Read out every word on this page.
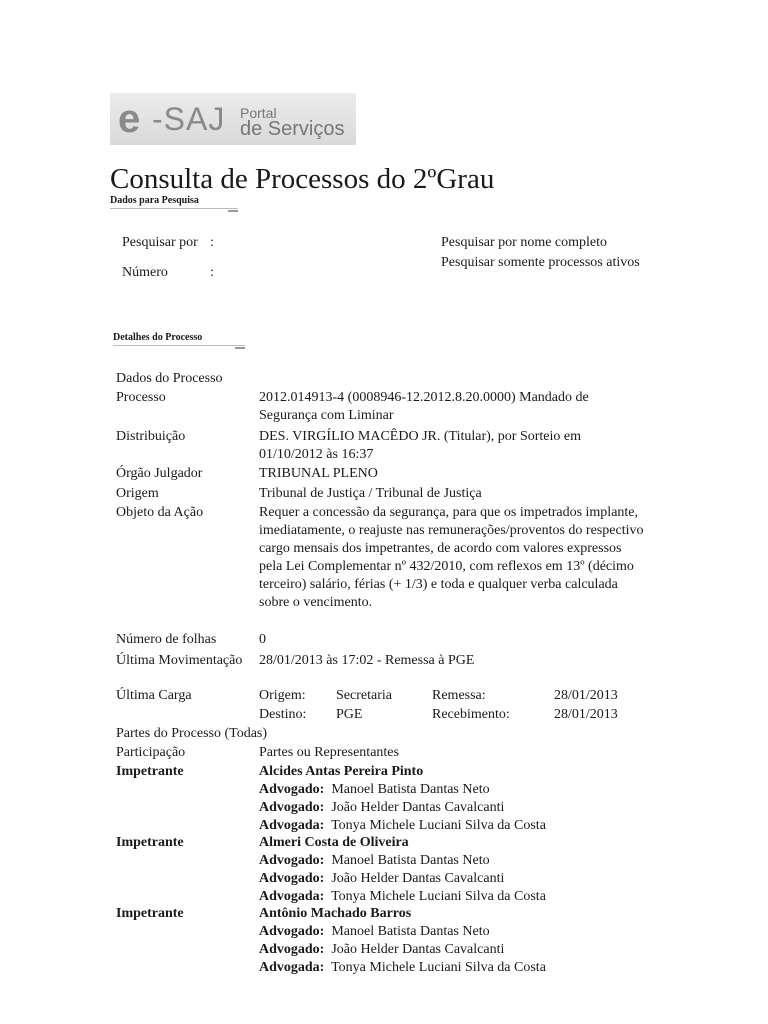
e -SAJ Portal
de Serviços
Consulta de Processos do 2ºGrau
Dados para Pesquisa
Pesquisar por :
Número	:
Pesquisar por nome completo
Pesquisar somente processos ativos
Detalhes do Processo
Dados do Processo
Processo	2012.014913-4 (0008946-12.2012.8.20.0000) Mandado de Segurança com Liminar
Distribuição	DES. VIRGÍLIO MACÊDO JR. (Titular), por Sorteio em 01/10/2012 às 16:37
Órgão Julgador	TRIBUNAL PLENO
Origem	Tribunal de Justiça / Tribunal de Justiça
Objeto da Ação	Requer a concessão da segurança, para que os impetrados implante, imediatamente, o reajuste nas remunerações/proventos do respectivo cargo mensais dos impetrantes, de acordo com valores expressos pela Lei Complementar nº 432/2010, com reflexos em 13º (décimo terceiro) salário, férias (+ 1/3) e toda e qualquer verba calculada sobre o vencimento.
Número de folhas	0
Última Movimentação 28/01/2013 às 17:02 - Remessa à PGE
Última Carga	Origem: Secretaria	Remessa:	28/01/2013
Destino: PGE	Recebimento:	28/01/2013
Partes do Processo (Todas)
Participação	Partes ou Representantes
Impetrante	Alcides Antas Pereira Pinto
Advogado: Manoel Batista Dantas Neto
Advogado: João Helder Dantas Cavalcanti
Advogada: Tonya Michele Luciani Silva da Costa
Impetrante	Almeri Costa de Oliveira
Advogado: Manoel Batista Dantas Neto
Advogado: João Helder Dantas Cavalcanti
Advogada: Tonya Michele Luciani Silva da Costa
Impetrante	Antônio Machado Barros
Advogado: Manoel Batista Dantas Neto
Advogado: João Helder Dantas Cavalcanti
Advogada: Tonya Michele Luciani Silva da Costa
